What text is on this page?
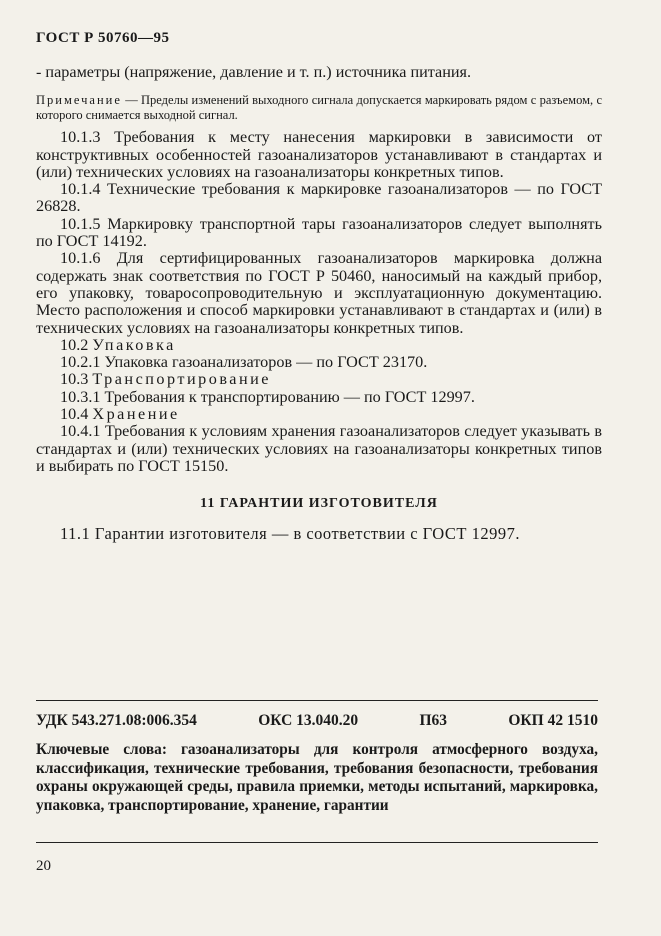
ГОСТ Р 50760—95

- параметры (напряжение, давление и т. п.) источника питания.

Примечание — Пределы изменений выходного сигнала допускается маркировать рядом с разъемом, с которого снимается выходной сигнал.

10.1.3 Требования к месту нанесения маркировки в зависимости от конструктивных особенностей газоанализаторов устанавливают в стандартах и (или) технических условиях на газоанализаторы конкретных типов.

10.1.4 Технические требования к маркировке газоанализаторов — по ГОСТ 26828.

10.1.5 Маркировку транспортной тары газоанализаторов следует выполнять по ГОСТ 14192.

10.1.6 Для сертифицированных газоанализаторов маркировка должна содержать знак соответствия по ГОСТ Р 50460, наносимый на каждый прибор, его упаковку, товаросопроводительную и эксплуатационную документацию. Место расположения и способ маркировки устанавливают в стандартах и (или) в технических условиях на газоанализаторы конкретных типов.

10.2 Упаковка

10.2.1 Упаковка газоанализаторов — по ГОСТ 23170.

10.3 Транспортирование

10.3.1 Требования к транспортированию — по ГОСТ 12997.

10.4 Хранение

10.4.1 Требования к условиям хранения газоанализаторов следует указывать в стандартах и (или) технических условиях на газоанализаторы конкретных типов и выбирать по ГОСТ 15150.

11 ГАРАНТИИ ИЗГОТОВИТЕЛЯ

11.1 Гарантии изготовителя — в соответствии с ГОСТ 12997.

УДК 543.271.08:006.354	ОКС 13.040.20	П63	ОКП 42 1510
Ключевые слова: газоанализаторы для контроля атмосферного воздуха, классификация, технические требования, требования безопасности, требования охраны окружающей среды, правила приемки, методы испытаний, маркировка, упаковка, транспортирование, хранение, гарантии
20
